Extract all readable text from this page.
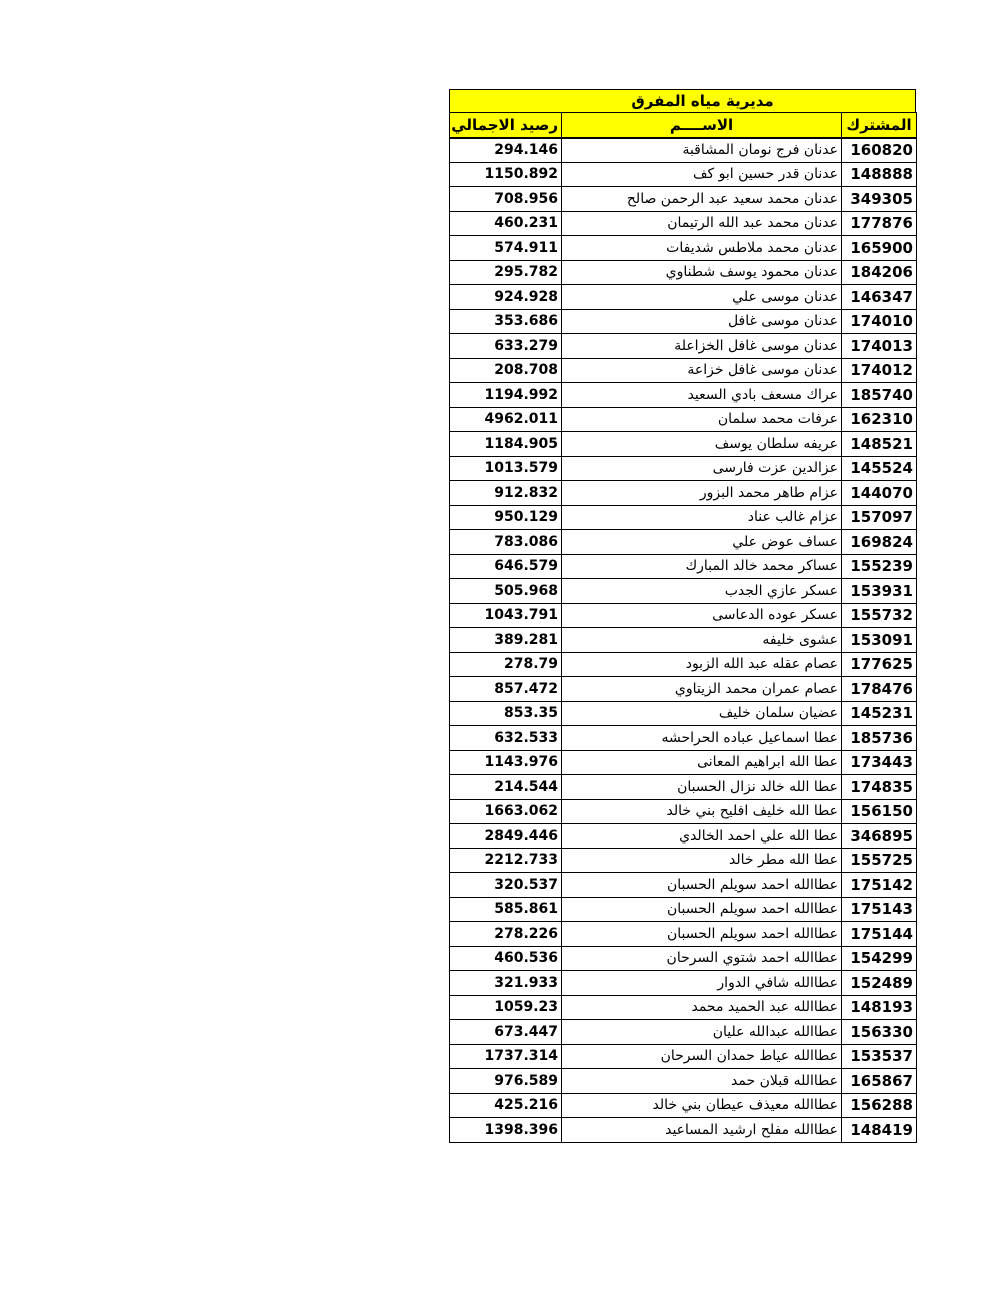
مديرية مياه المفرق
رصيد الاجمالي	الاســــم	المشترك
294.146	عدنان فرج نومان المشاقبة	160820
1150.892	عدنان قدر حسين ابو كف	148888
708.956	عدنان محمد سعيد عبد الرحمن صالح	349305
460.231	عدنان محمد عبد الله الرتيمان	177876
574.911	عدنان محمد ملاطس شديفات	165900
295.782	عدنان محمود يوسف شطناوي	184206
924.928	عدنان موسى علي	146347
353.686	عدنان موسى غافل	174010
633.279	عدنان موسى غافل الخزاعلة	174013
208.708	عدنان موسى غافل خزاعة	174012
1194.992	عراك مسعف بادي السعيد	185740
4962.011	عرفات محمد سلمان	162310
1184.905	عريفه سلطان يوسف	148521
1013.579	عزالدين عزت فارسى	145524
912.832	عزام طاهر محمد البزور	144070
950.129	عزام غالب عناد	157097
783.086	عساف عوض علي	169824
646.579	عساكر محمد خالد المبارك	155239
505.968	عسكر عازي الجدب	153931
1043.791	عسكر عوده الدعاسى	155732
389.281	عشوى خليفه	153091
278.79	عصام عقله عبد الله الزبود	177625
857.472	عصام عمران محمد الزيتاوي	178476
853.35	عضيان سلمان خليف	145231
632.533	عطا اسماعيل عباده الحراحشه	185736
1143.976	عطا الله ابراهيم المعانى	173443
214.544	عطا الله خالد نزال الحسبان	174835
1663.062	عطا الله خليف افليح بني خالد	156150
2849.446	عطا الله علي احمد الخالدي	346895
2212.733	عطا الله مطر خالد	155725
320.537	عطاالله احمد سويلم الحسبان	175142
585.861	عطاالله احمد سويلم الحسبان	175143
278.226	عطاالله احمد سويلم الحسبان	175144
460.536	عطاالله احمد شتوي السرحان	154299
321.933	عطاالله شافي الدوار	152489
1059.23	عطاالله عبد الحميد محمد	148193
673.447	عطاالله عبدالله عليان	156330
1737.314	عطاالله عياط حمدان السرحان	153537
976.589	عطاالله قبلان حمد	165867
425.216	عطاالله معيذف عيطان بني خالد	156288
1398.396	عطاالله مفلح ارشيد المساعيد	148419
